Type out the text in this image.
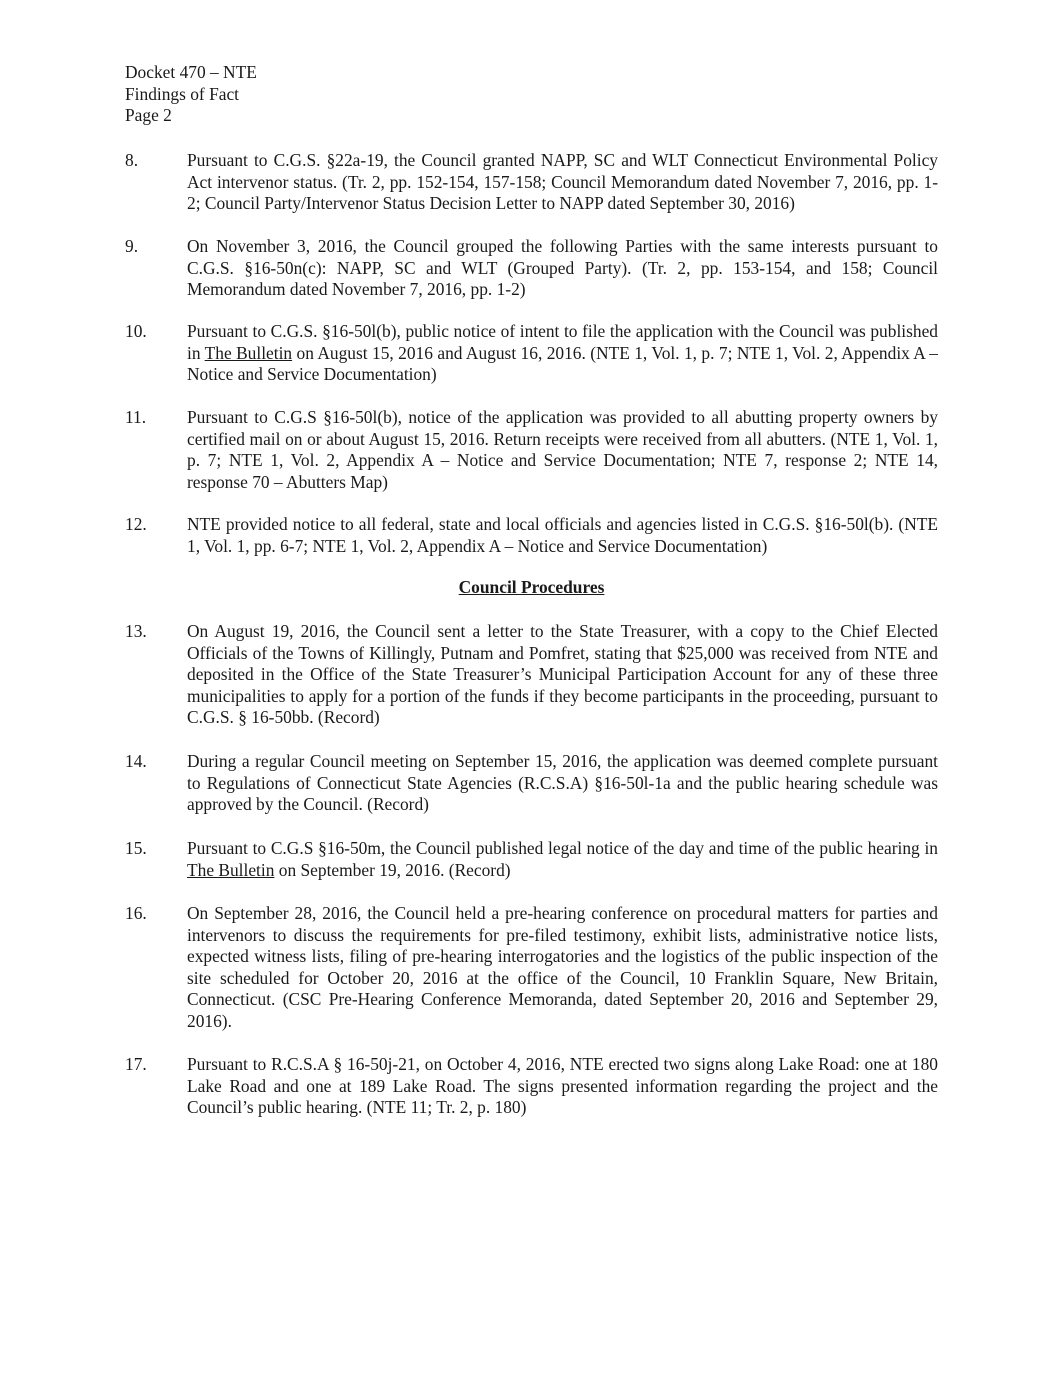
Docket 470 – NTE
Findings of Fact
Page 2
8.	Pursuant to C.G.S. §22a-19, the Council granted NAPP, SC and WLT Connecticut Environmental Policy Act intervenor status. (Tr. 2, pp. 152-154, 157-158; Council Memorandum dated November 7, 2016, pp. 1-2; Council Party/Intervenor Status Decision Letter to NAPP dated September 30, 2016)
9.	On November 3, 2016, the Council grouped the following Parties with the same interests pursuant to C.G.S. §16-50n(c): NAPP, SC and WLT (Grouped Party). (Tr. 2, pp. 153-154, and 158; Council Memorandum dated November 7, 2016, pp. 1-2)
10.	Pursuant to C.G.S. §16-50l(b), public notice of intent to file the application with the Council was published in The Bulletin on August 15, 2016 and August 16, 2016. (NTE 1, Vol. 1, p. 7; NTE 1, Vol. 2, Appendix A – Notice and Service Documentation)
11.	Pursuant to C.G.S §16-50l(b), notice of the application was provided to all abutting property owners by certified mail on or about August 15, 2016. Return receipts were received from all abutters. (NTE 1, Vol. 1, p. 7; NTE 1, Vol. 2, Appendix A – Notice and Service Documentation; NTE 7, response 2; NTE 14, response 70 – Abutters Map)
12.	NTE provided notice to all federal, state and local officials and agencies listed in C.G.S. §16-50l(b). (NTE 1, Vol. 1, pp. 6-7; NTE 1, Vol. 2, Appendix A – Notice and Service Documentation)
Council Procedures
13.	On August 19, 2016, the Council sent a letter to the State Treasurer, with a copy to the Chief Elected Officials of the Towns of Killingly, Putnam and Pomfret, stating that $25,000 was received from NTE and deposited in the Office of the State Treasurer’s Municipal Participation Account for any of these three municipalities to apply for a portion of the funds if they become participants in the proceeding, pursuant to C.G.S. § 16-50bb. (Record)
14.	During a regular Council meeting on September 15, 2016, the application was deemed complete pursuant to Regulations of Connecticut State Agencies (R.C.S.A) §16-50l-1a and the public hearing schedule was approved by the Council. (Record)
15.	Pursuant to C.G.S §16-50m, the Council published legal notice of the day and time of the public hearing in The Bulletin on September 19, 2016. (Record)
16.	On September 28, 2016, the Council held a pre-hearing conference on procedural matters for parties and intervenors to discuss the requirements for pre-filed testimony, exhibit lists, administrative notice lists, expected witness lists, filing of pre-hearing interrogatories and the logistics of the public inspection of the site scheduled for October 20, 2016 at the office of the Council, 10 Franklin Square, New Britain, Connecticut. (CSC Pre-Hearing Conference Memoranda, dated September 20, 2016 and September 29, 2016).
17.	Pursuant to R.C.S.A § 16-50j-21, on October 4, 2016, NTE erected two signs along Lake Road: one at 180 Lake Road and one at 189 Lake Road. The signs presented information regarding the project and the Council’s public hearing. (NTE 11; Tr. 2, p. 180)
